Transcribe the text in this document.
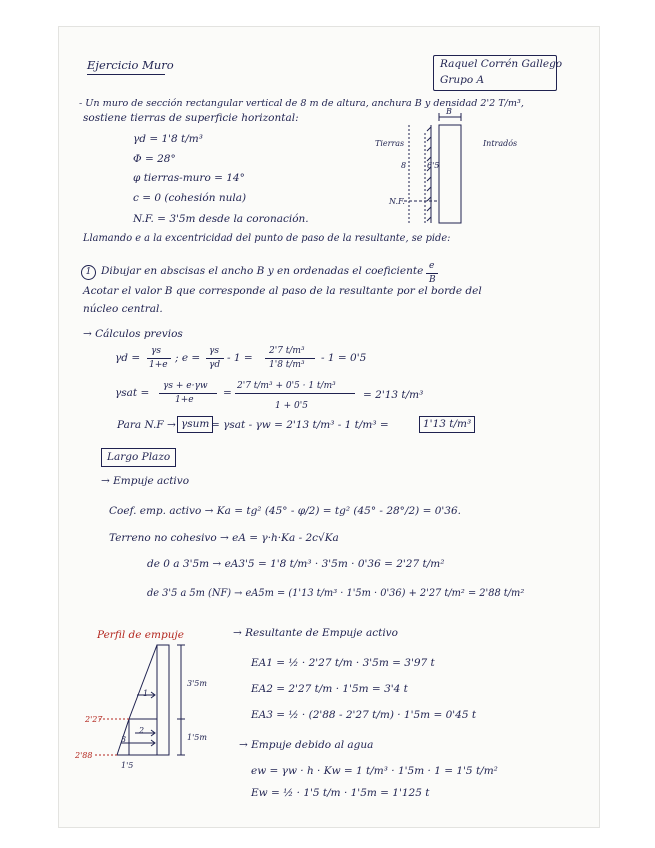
Ejercicio Muro	Raquel Corrén Gallego
Grupo A
- Un muro de sección rectangular vertical de 8 m de altura, anchura B y densidad 2'2 T/m³,
sostiene tierras de superficie horizontal:
γd = 1'8 t/m³
Φ = 28°
φ tierras-muro = 14°
c = 0 (cohesión nula)
N.F. = 3'5m desde la coronación.
Llamando e a la excentricidad del punto de paso de la resultante, se pide:
Tierras	Intradós
B
8	6'5
N.F.
1 Dibujar en abscisas el ancho B y en ordenadas el coeficiente e
B
Acotar el valor B que corresponde al paso de la resultante por el borde del
núcleo central.
→ Cálculos previos
γd =
γs
1+e
; e =
γs
γd
- 1 =
2'7 t/m³
1'8 t/m³
- 1 = 0'5
γsat =
γs + e·γw
1+e
=
2'7 t/m³ + 0'5 · 1 t/m³
1 + 0'5
= 2'13 t/m³
Para N.F → γsum = γsat - γw = 2'13 t/m³ - 1 t/m³ =	1'13 t/m³
Largo Plazo
→ Empuje activo
Coef. emp. activo → Ka = tg² (45° - φ/2) = tg² (45° - 28°/2) = 0'36.
Terreno no cohesivo → eA = γ·h·Ka - 2c√Ka
de 0 a 3'5m → eA3'5 = 1'8 t/m³ · 3'5m · 0'36 = 2'27 t/m²
de 3'5 a 5m (NF) → eA5m = (1'13 t/m³ · 1'5m · 0'36) + 2'27 t/m² = 2'88 t/m²
Perfil de empuje
3'5m
1'5m
2'27
2'88
1
2
3
1'5
→ Resultante de Empuje activo
EA1 = ½ · 2'27 t/m · 3'5m = 3'97 t
EA2 = 2'27 t/m · 1'5m = 3'4 t
EA3 = ½ · (2'88 - 2'27 t/m) · 1'5m = 0'45 t
→ Empuje debido al agua
ew = γw · h · Kw = 1 t/m³ · 1'5m · 1 = 1'5 t/m²
Ew = ½ · 1'5 t/m · 1'5m = 1'125 t
